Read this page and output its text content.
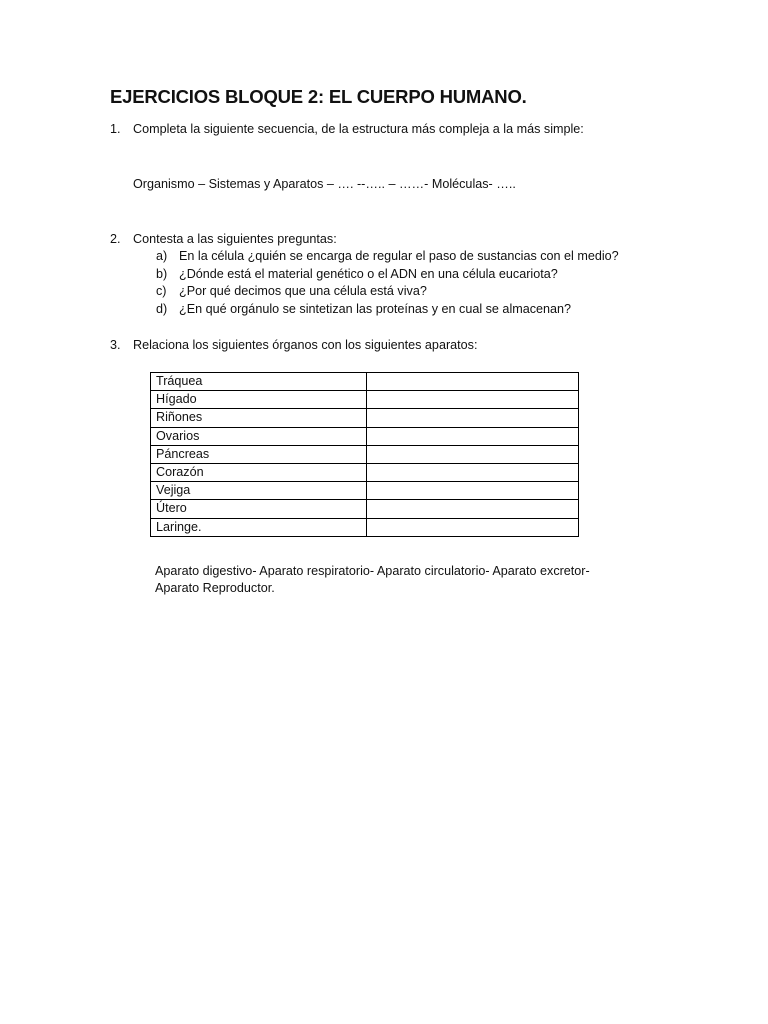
EJERCICIOS BLOQUE 2: EL CUERPO HUMANO.
1. Completa la siguiente secuencia, de la estructura más compleja a la más simple:
Organismo – Sistemas y Aparatos – …. --….. – ……- Moléculas- …..
2. Contesta a las siguientes preguntas:
a) En la célula ¿quién se encarga de regular el paso de sustancias con el medio?
b) ¿Dónde está el material genético o el ADN en una célula eucariota?
c) ¿Por qué decimos que una célula está viva?
d) ¿En qué orgánulo se sintetizan las proteínas y en cual se almacenan?
3. Relaciona los siguientes órganos con los siguientes aparatos:
Tráquea	
Hígado	
Riñones	
Ovarios	
Páncreas	
Corazón	
Vejiga	
Útero	
Laringe.	
Aparato digestivo- Aparato respiratorio- Aparato circulatorio- Aparato excretor-
Aparato Reproductor.
